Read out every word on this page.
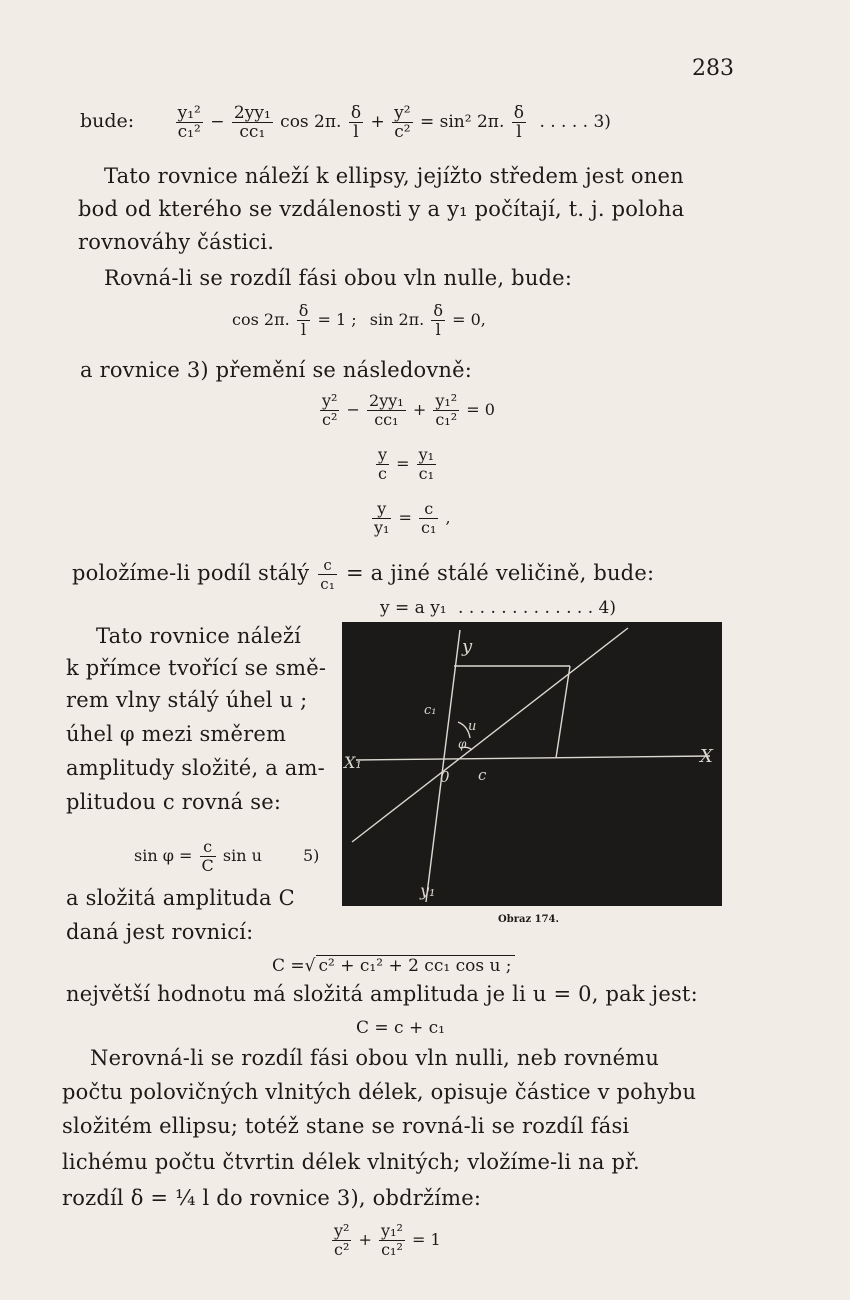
283
bude: $\frac{\text{y₁²}}{\text{c₁²}} - \frac{\text{2yy₁}}{\text{cc₁}}$ cos 2π. $\frac{\delta}{l} + \frac{\text{y²}}{\text{c²}} = \sin^2$ 2π. $\frac{\delta}{l}$ . . . . . 3)
Tato rovnice náleží k ellipsy, jejížto středem jest onen
bod od kterého se vzdálenosti y a y₁ počítají, t. j. poloha
rovnováhy částici.
Rovná-li se rozdíl fási obou vln nulle, bude:
cos 2π. $\frac{\delta}{l} = 1$ ; sin 2π. $\frac{\delta}{l} = 0$,
a rovnice 3) přemění se následovně:
$\frac{\text{y²}}{\text{c²}} - \frac{\text{2yy₁}}{\text{cc₁}} + \frac{\text{y₁²}}{\text{c₁²}} = 0$
$\frac{y}{c} = \frac{\text{y₁}}{\text{c₁}}$
$\frac{y}{\text{y₁}} = \frac{c}{\text{c₁}}$ ,
položíme-li podíl stálý $\frac{c}{\text{c₁}} = a$ jiné stálé veličině, bude:
y = a y₁ . . . . . . . . . . . . . 4)
Tato rovnice náleží
k přímce tvořící se smě-
rem vlny stálý úhel u ;
úhel φ mezi směrem
amplitudy složité, a am-
plitudou c rovná se:
$\sin \varphi = \frac{c}{C}$ sin u	5)
a složitá amplituda C
daná jest rovnicí:
y
y₁
X₁	X
0 c
c₁
u
φ
Obraz 174.
C =√ c² + c₁² + 2 cc₁ cos u ;
největší hodnotu má složitá amplituda je li u = 0, pak jest:
C = c + c₁
Nerovná-li se rozdíl fási obou vln nulli, neb rovnému
počtu polovičných vlnitých délek, opisuje částice v pohybu
složitém ellipsu; totéž stane se rovná-li se rozdíl fási
lichému počtu čtvrtin délek vlnitých; vložíme-li na př.
rozdíl δ = ¼ l do rovnice 3), obdržíme:
$\frac{\text{y²}}{\text{c²}} + \frac{\text{y₁²}}{\text{c₁²}} = 1$
